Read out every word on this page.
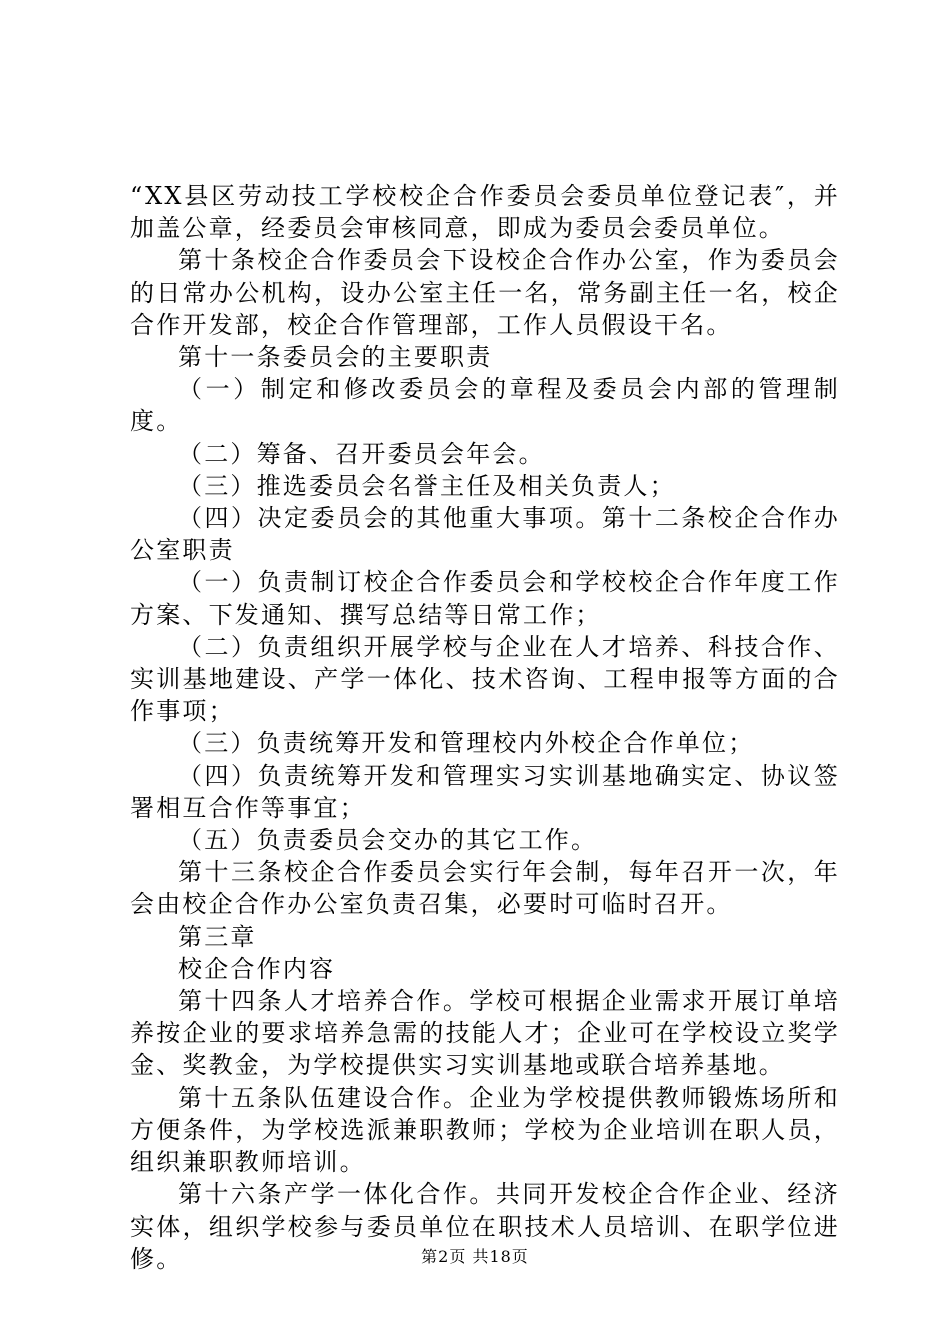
“XX县区劳动技工学校校企合作委员会委员单位登记表″，并加盖公章，经委员会审核同意，即成为委员会委员单位。

第十条校企合作委员会下设校企合作办公室，作为委员会的日常办公机构，设办公室主任一名，常务副主任一名，校企合作开发部，校企合作管理部，工作人员假设干名。

第十一条委员会的主要职责

（一）制定和修改委员会的章程及委员会内部的管理制度。

（二）筹备、召开委员会年会。

（三）推选委员会名誉主任及相关负责人；

（四）决定委员会的其他重大事项。第十二条校企合作办公室职责

（一）负责制订校企合作委员会和学校校企合作年度工作方案、下发通知、撰写总结等日常工作；

（二）负责组织开展学校与企业在人才培养、科技合作、实训基地建设、产学一体化、技术咨询、工程申报等方面的合作事项；

（三）负责统筹开发和管理校内外校企合作单位；

（四）负责统筹开发和管理实习实训基地确实定、协议签署相互合作等事宜；

（五）负责委员会交办的其它工作。

第十三条校企合作委员会实行年会制，每年召开一次，年会由校企合作办公室负责召集，必要时可临时召开。

第三章

校企合作内容

第十四条人才培养合作。学校可根据企业需求开展订单培养按企业的要求培养急需的技能人才；企业可在学校设立奖学金、奖教金，为学校提供实习实训基地或联合培养基地。

第十五条队伍建设合作。企业为学校提供教师锻炼场所和方便条件，为学校选派兼职教师；学校为企业培训在职人员，组织兼职教师培训。

第十六条产学一体化合作。共同开发校企合作企业、经济实体，组织学校参与委员单位在职技术人员培训、在职学位进修。	第2页 共18页
